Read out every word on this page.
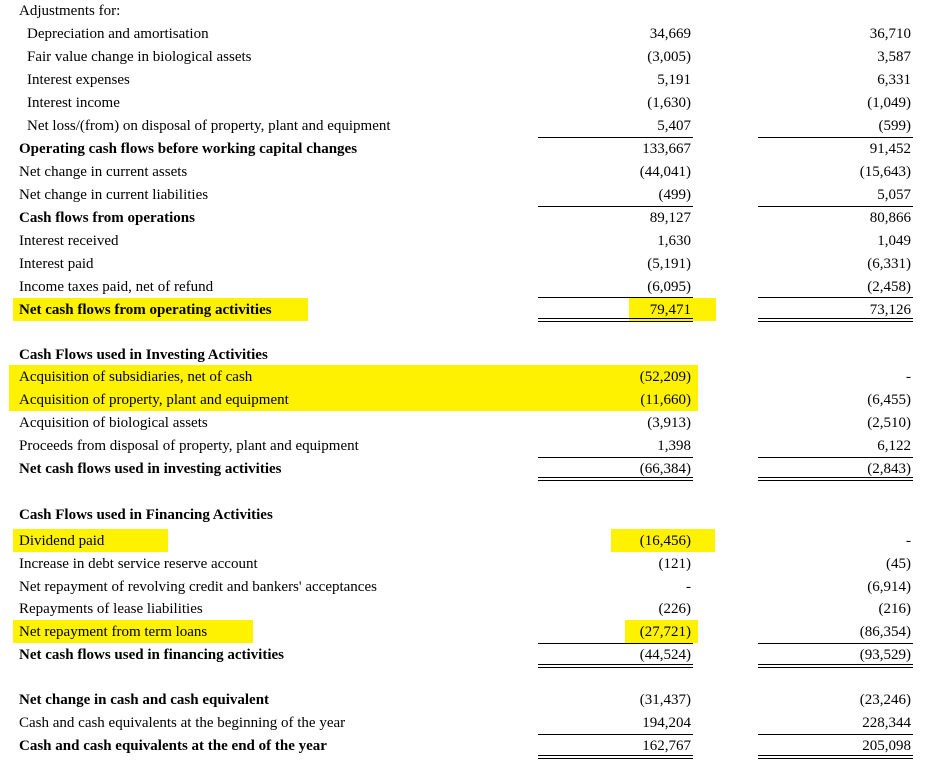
Adjustments for:
Depreciation and amortisation	34,669	36,710
Fair value change in biological assets	(3,005)	3,587
Interest expenses	5,191	6,331
Interest income	(1,630)	(1,049)
Net loss/(from) on disposal of property, plant and equipment	5,407	(599)
Operating cash flows before working capital changes	133,667	91,452
Net change in current assets	(44,041)	(15,643)
Net change in current liabilities	(499)	5,057
Cash flows from operations	89,127	80,866
Interest received	1,630	1,049
Interest paid	(5,191)	(6,331)
Income taxes paid, net of refund	(6,095)	(2,458)
Net cash flows from operating activities	79,471	73,126
Cash Flows used in Investing Activities
Acquisition of subsidiaries, net of cash	(52,209)	-
Acquisition of property, plant and equipment	(11,660)	(6,455)
Acquisition of biological assets	(3,913)	(2,510)
Proceeds from disposal of property, plant and equipment	1,398	6,122
Net cash flows used in investing activities	(66,384)	(2,843)
Cash Flows used in Financing Activities
Dividend paid	(16,456)	-
Increase in debt service reserve account	(121)	(45)
Net repayment of revolving credit and bankers' acceptances	-	(6,914)
Repayments of lease liabilities	(226)	(216)
Net repayment from term loans	(27,721)	(86,354)
Net cash flows used in financing activities	(44,524)	(93,529)
Net change in cash and cash equivalent	(31,437)	(23,246)
Cash and cash equivalents at the beginning of the year	194,204	228,344
Cash and cash equivalents at the end of the year	162,767	205,098
